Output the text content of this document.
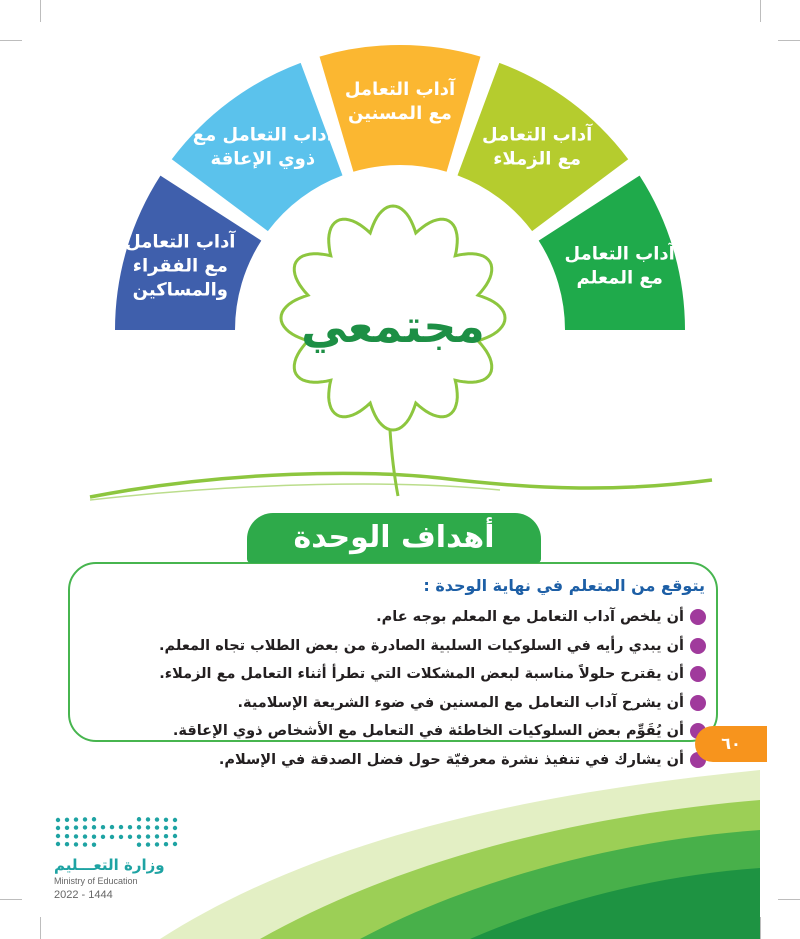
آداب التعامل
مع المعلم
آداب التعامل
مع الزملاء
آداب التعامل
مع المسنين
آداب التعامل مع
ذوي الإعاقة
آداب التعامل
مع الفقراء
والمساكين
مجتمعي
أهداف الوحدة
يتوقع من المتعلم في نهاية الوحدة :
أن يلخص آداب التعامل مع المعلم بوجه عام.
أن يبدي رأيه في السلوكيات السلبية الصادرة من بعض الطلاب تجاه المعلم.
أن يقترح حلولاً مناسبة لبعض المشكلات التي تطرأ أثناء التعامل مع الزملاء.
أن يشرح آداب التعامل مع المسنين في ضوء الشريعة الإسلامية.
أن يُقَوِّم بعض السلوكيات الخاطئة في التعامل مع الأشخاص ذوي الإعاقة.
أن يشارك في تنفيذ نشرة معرفيّة حول فضل الصدقة في الإسلام.
٦٠
وزارة التعـــليم
Ministry of Education
2022 - 1444
